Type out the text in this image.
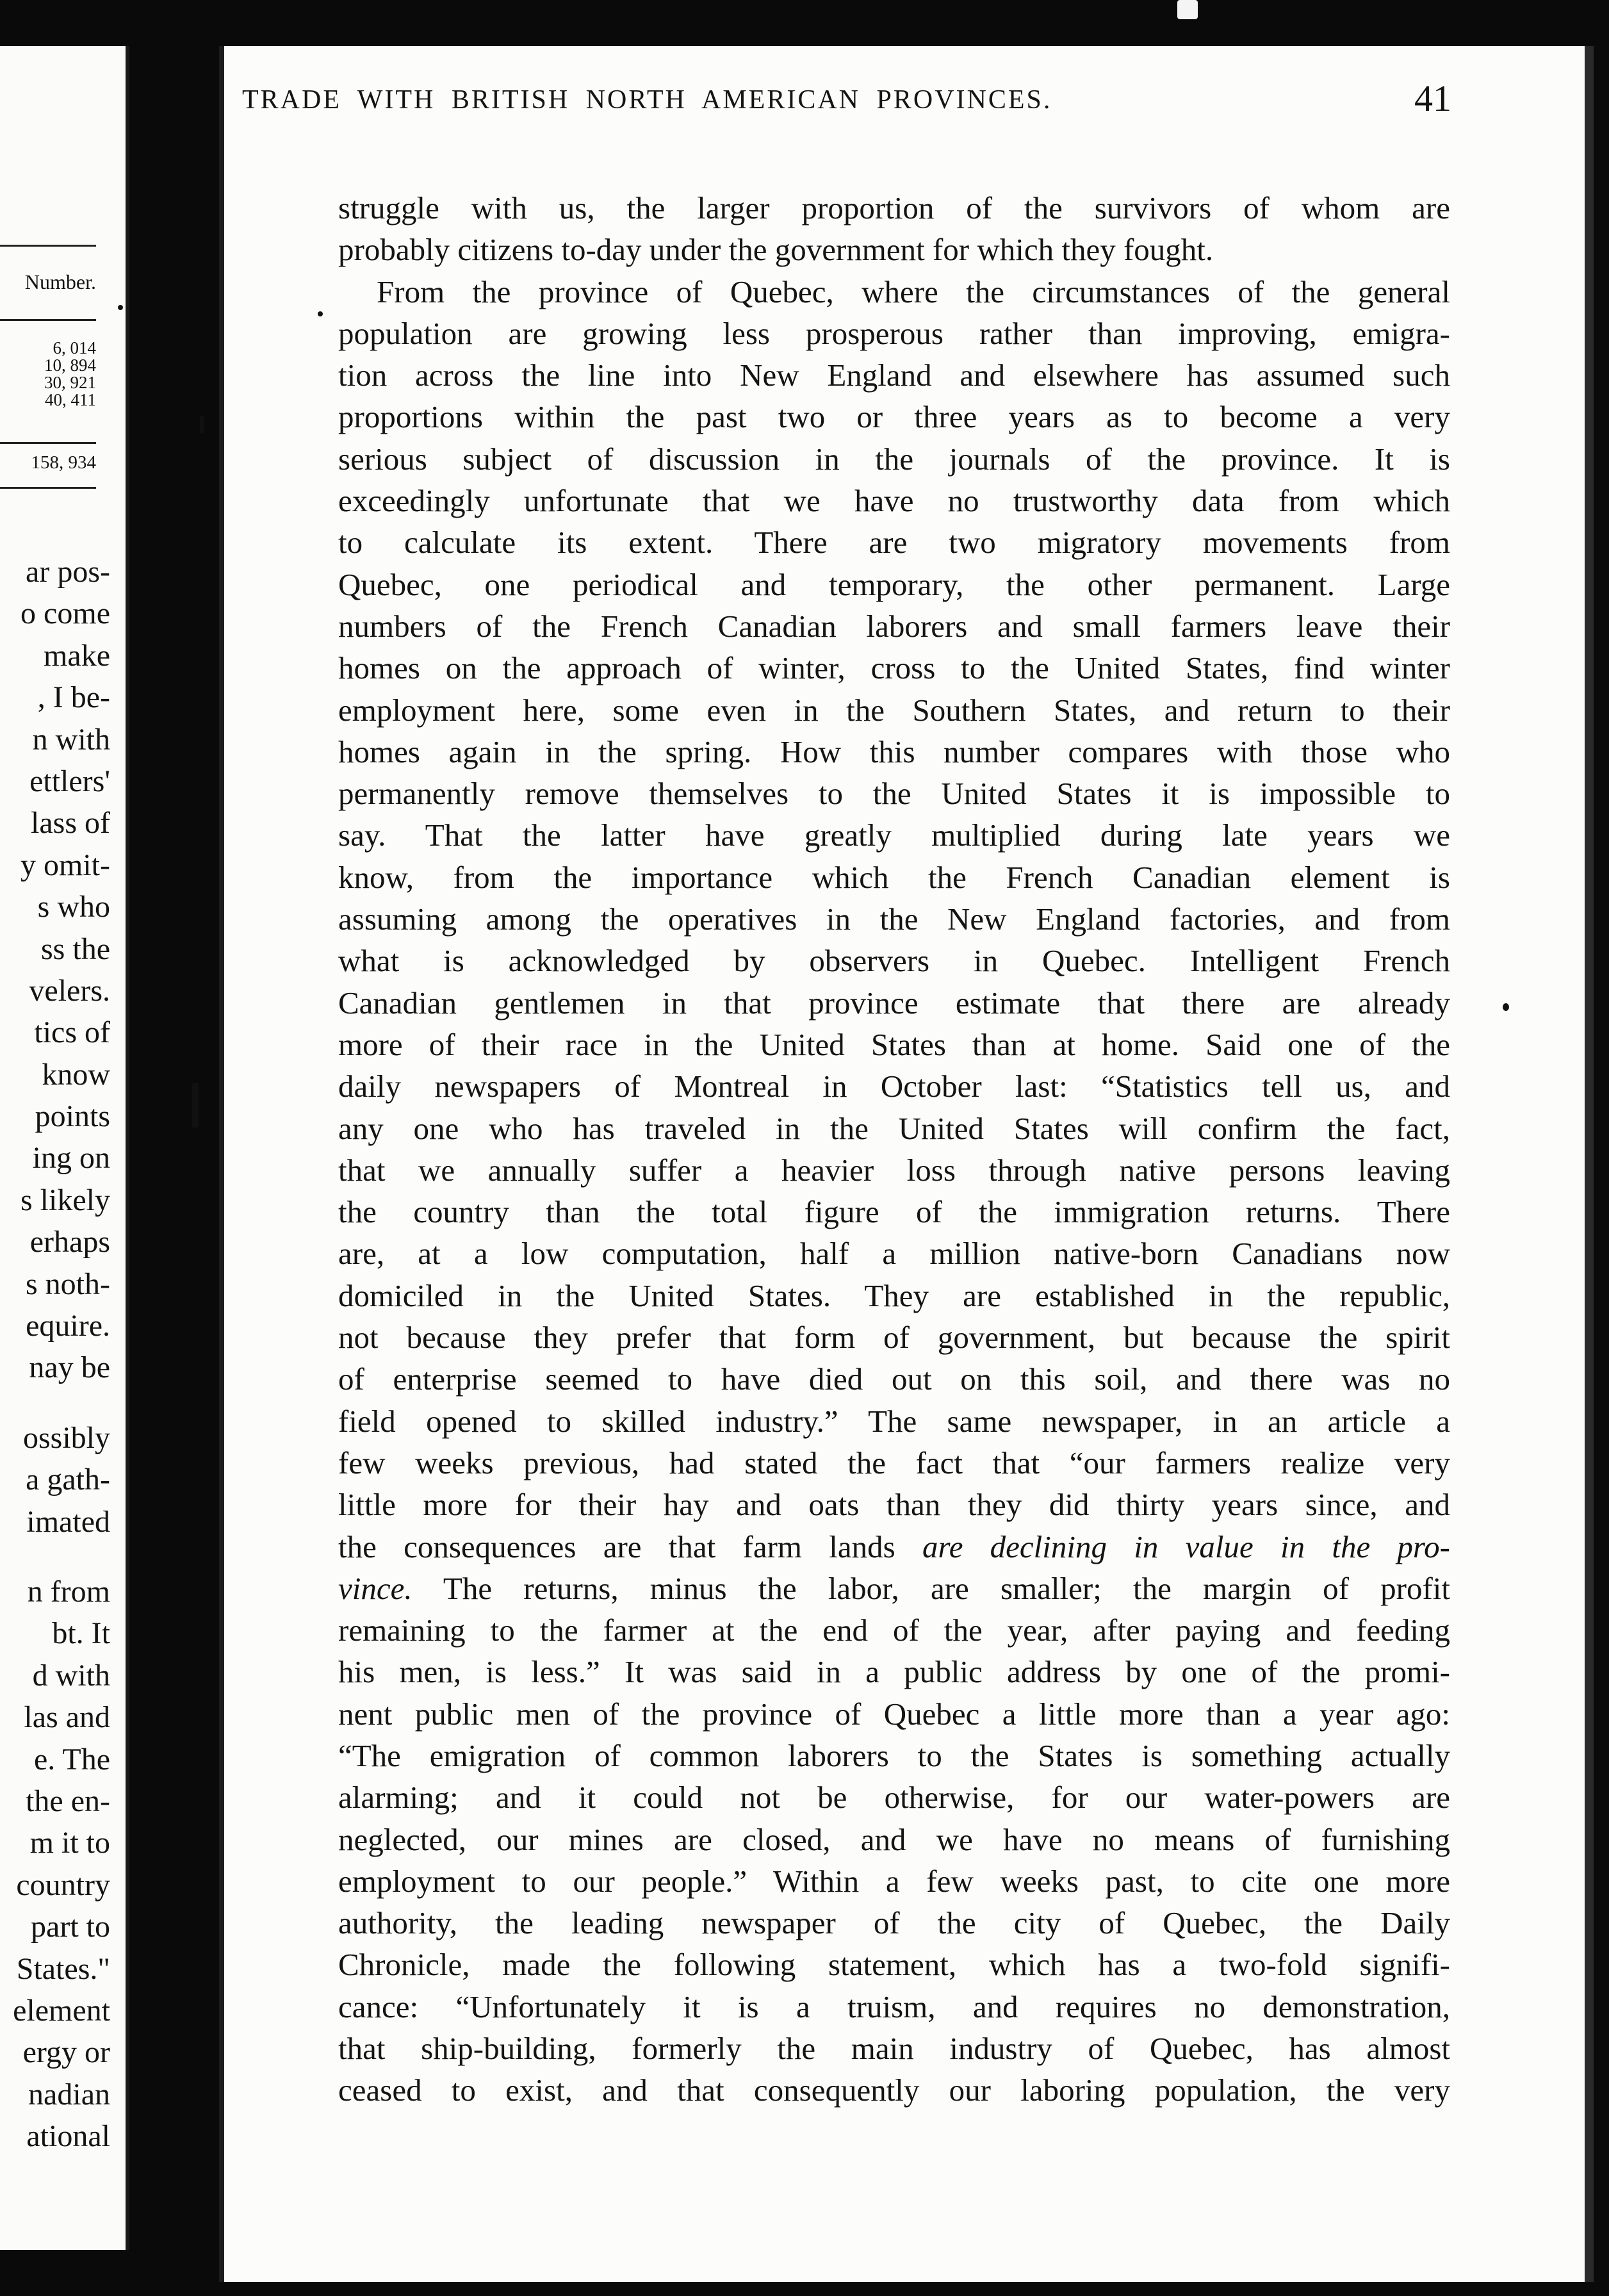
Number.
6, 014
10, 894
30, 921
40, 411
158, 934
ar pos-
o come
make
, I be-
n with
ettlers'
lass of
y omit-
s who
ss the
velers.
tics of
know
points
ing on
s likely
erhaps
s noth-
equire.
nay be
ossibly
a gath-
imated
n from
bt. It
d with
las and
e. The
the en-
m it to
country
part to
States."
element
ergy or
nadian
ational
TRADE WITH BRITISH NORTH AMERICAN PROVINCES.	41
struggle with us, the larger proportion of the survivors of whom are
probably citizens to-day under the government for which they fought.
From the province of Quebec, where the circumstances of the general
population are growing less prosperous rather than improving, emigra-
tion across the line into New England and elsewhere has assumed such
proportions within the past two or three years as to become a very
serious subject of discussion in the journals of the province. It is
exceedingly unfortunate that we have no trustworthy data from which
to calculate its extent. There are two migratory movements from
Quebec, one periodical and temporary, the other permanent. Large
numbers of the French Canadian laborers and small farmers leave their
homes on the approach of winter, cross to the United States, find winter
employment here, some even in the Southern States, and return to their
homes again in the spring. How this number compares with those who
permanently remove themselves to the United States it is impossible to
say. That the latter have greatly multiplied during late years we
know, from the importance which the French Canadian element is
assuming among the operatives in the New England factories, and from
what is acknowledged by observers in Quebec. Intelligent French
Canadian gentlemen in that province estimate that there are already
more of their race in the United States than at home. Said one of the
daily newspapers of Montreal in October last: “Statistics tell us, and
any one who has traveled in the United States will confirm the fact,
that we annually suffer a heavier loss through native persons leaving
the country than the total figure of the immigration returns. There
are, at a low computation, half a million native-born Canadians now
domiciled in the United States. They are established in the republic,
not because they prefer that form of government, but because the spirit
of enterprise seemed to have died out on this soil, and there was no
field opened to skilled industry.” The same newspaper, in an article a
few weeks previous, had stated the fact that “our farmers realize very
little more for their hay and oats than they did thirty years since, and
the consequences are that farm lands are declining in value in the pro-
vince. The returns, minus the labor, are smaller; the margin of profit
remaining to the farmer at the end of the year, after paying and feeding
his men, is less.” It was said in a public address by one of the promi-
nent public men of the province of Quebec a little more than a year ago:
“The emigration of common laborers to the States is something actually
alarming; and it could not be otherwise, for our water-powers are
neglected, our mines are closed, and we have no means of furnishing
employment to our people.” Within a few weeks past, to cite one more
authority, the leading newspaper of the city of Quebec, the Daily
Chronicle, made the following statement, which has a two-fold signifi-
cance: “Unfortunately it is a truism, and requires no demonstration,
that ship-building, formerly the main industry of Quebec, has almost
ceased to exist, and that consequently our laboring population, the very
